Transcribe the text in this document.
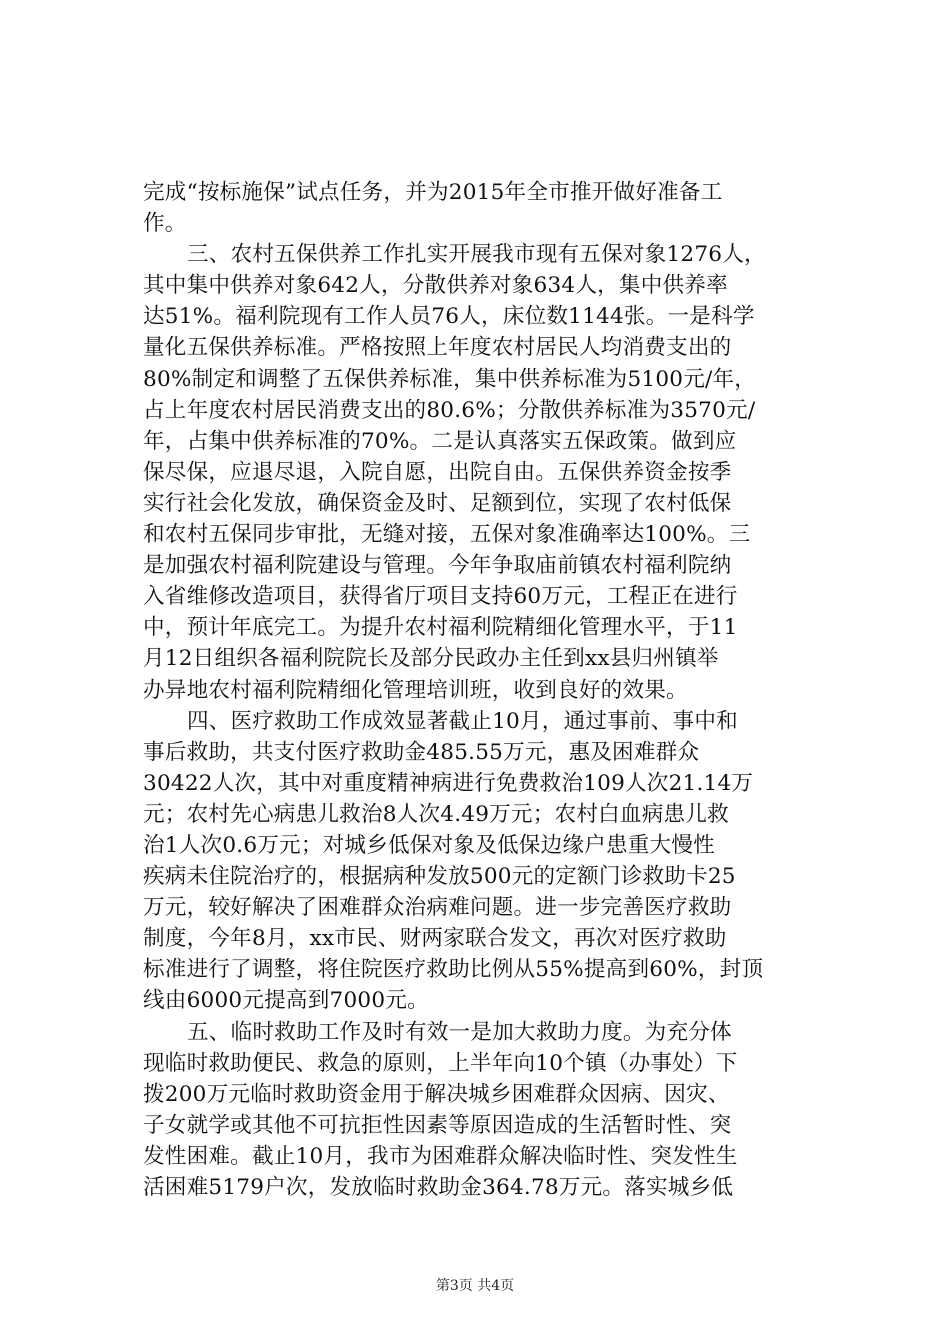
完成“按标施保”试点任务，并为2015年全市推开做好准备工
作。
三、农村五保供养工作扎实开展我市现有五保对象1276人，
其中集中供养对象642人，分散供养对象634人，集中供养率
达51%。福利院现有工作人员76人，床位数1144张。一是科学
量化五保供养标准。严格按照上年度农村居民人均消费支出的
80%制定和调整了五保供养标准，集中供养标准为5100元/年，
占上年度农村居民消费支出的80.6%；分散供养标准为3570元/
年，占集中供养标准的70%。二是认真落实五保政策。做到应
保尽保，应退尽退，入院自愿，出院自由。五保供养资金按季
实行社会化发放，确保资金及时、足额到位，实现了农村低保
和农村五保同步审批，无缝对接，五保对象准确率达100%。三
是加强农村福利院建设与管理。今年争取庙前镇农村福利院纳
入省维修改造项目，获得省厅项目支持60万元，工程正在进行
中，预计年底完工。为提升农村福利院精细化管理水平，于11
月12日组织各福利院院长及部分民政办主任到xx县归州镇举
办异地农村福利院精细化管理培训班，收到良好的效果。
四、医疗救助工作成效显著截止10月，通过事前、事中和
事后救助，共支付医疗救助金485.55万元，惠及困难群众
30422人次，其中对重度精神病进行免费救治109人次21.14万
元；农村先心病患儿救治8人次4.49万元；农村白血病患儿救
治1人次0.6万元；对城乡低保对象及低保边缘户患重大慢性
疾病未住院治疗的，根据病种发放500元的定额门诊救助卡25
万元，较好解决了困难群众治病难问题。进一步完善医疗救助
制度，今年8月，xx市民、财两家联合发文，再次对医疗救助
标准进行了调整，将住院医疗救助比例从55%提高到60%，封顶
线由6000元提高到7000元。
五、临时救助工作及时有效一是加大救助力度。为充分体
现临时救助便民、救急的原则，上半年向10个镇（办事处）下
拨200万元临时救助资金用于解决城乡困难群众因病、因灾、
子女就学或其他不可抗拒性因素等原因造成的生活暂时性、突
发性困难。截止10月，我市为困难群众解决临时性、突发性生
活困难5179户次，发放临时救助金364.78万元。落实城乡低
第3页 共4页
